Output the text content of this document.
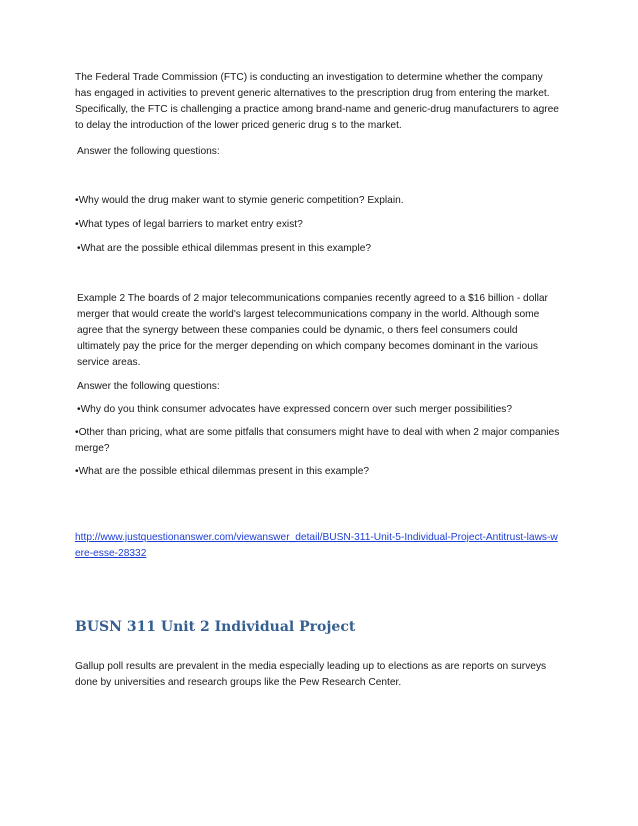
The Federal Trade Commission (FTC) is conducting an investigation to determine whether the company has engaged in activities to prevent generic alternatives to the prescription drug from entering the market. Specifically, the FTC is challenging a practice among brand-name and generic-drug manufacturers to agree to delay the introduction of the lower priced generic drug s to the market.

Answer the following questions:

•Why would the drug maker want to stymie generic competition? Explain.

•What types of legal barriers to market entry exist?

•What are the possible ethical dilemmas present in this example?

Example 2 The boards of 2 major telecommunications companies recently agreed to a $16 billion - dollar merger that would create the world's largest telecommunications company in the world. Although some agree that the synergy between these companies could be dynamic, o thers feel consumers could ultimately pay the price for the merger depending on which company becomes dominant in the various service areas.

Answer the following questions:

•Why do you think consumer advocates have expressed concern over such merger possibilities?

•Other than pricing, what are some pitfalls that consumers might have to deal with when 2 major companies merge?

•What are the possible ethical dilemmas present in this example?

http://www.justquestionanswer.com/viewanswer_detail/BUSN-311-Unit-5-Individual-Project-Antitrust-laws-were-esse-28332

BUSN 311 Unit 2 Individual Project

Gallup poll results are prevalent in the media especially leading up to elections as are reports on surveys done by universities and research groups like the Pew Research Center.
